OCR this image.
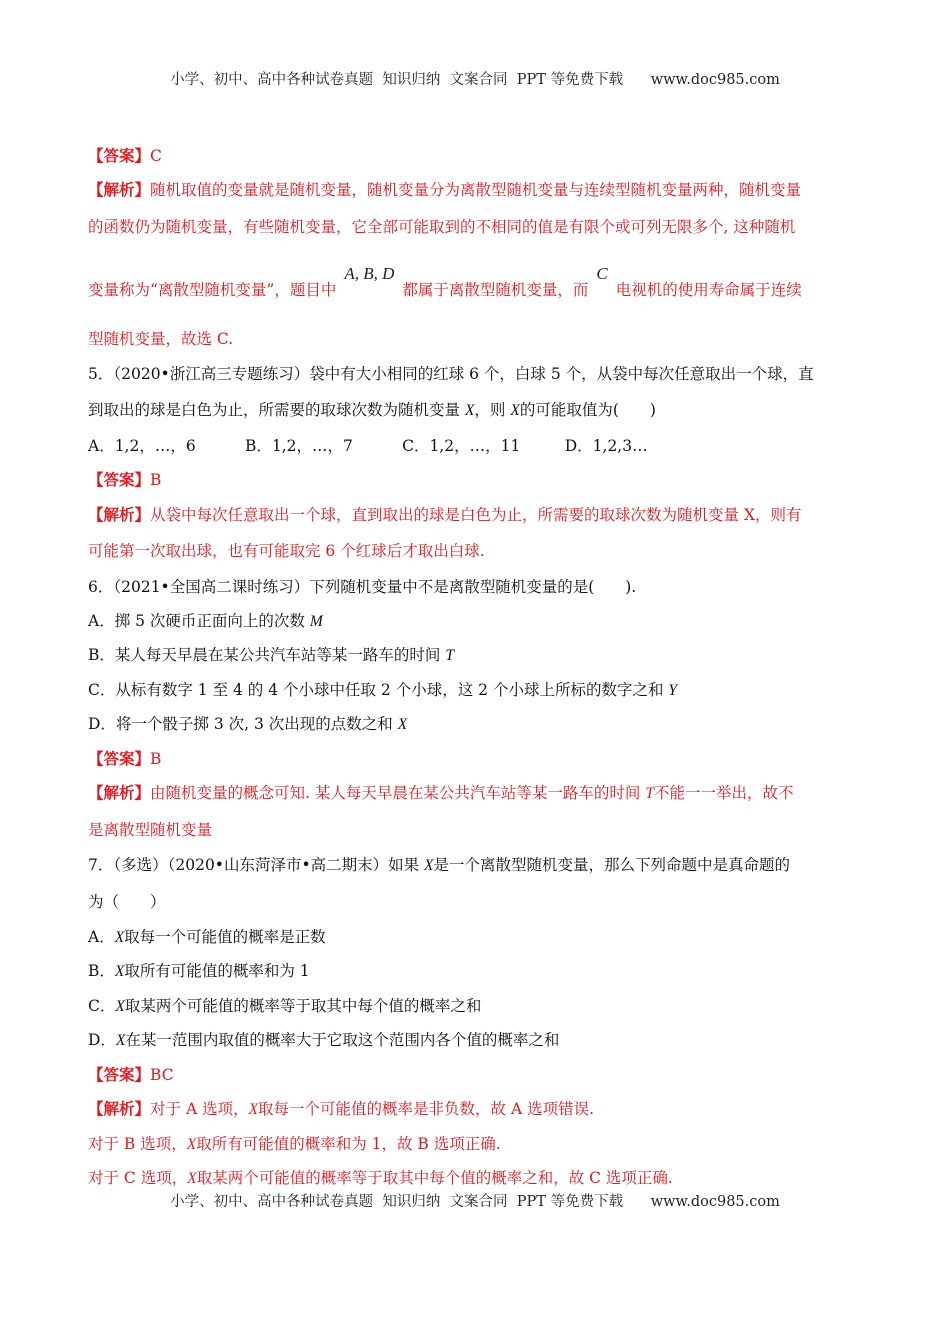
小学、初中、高中各种试卷真题  知识归纳  文案合同  PPT 等免费下载      www.doc985.com
【答案】C
【解析】随机取值的变量就是随机变量，随机变量分为离散型随机变量与连续型随机变量两种，随机变量
的函数仍为随机变量，有些随机变量，它全部可能取到的不相同的值是有限个或可列无限多个, 这种随机
变量称为“离散型随机变量”，题目中A, B, D都属于离散型随机变量，而C电视机的使用寿命属于连续
型随机变量，故选 C.
5．（2020•浙江高三专题练习）袋中有大小相同的红球 6 个，白球 5 个，从袋中每次任意取出一个球，直
到取出的球是白色为止，所需要的取球次数为随机变量 X，则 X的可能取值为(　　)
A．1,2，…，6          B．1,2，…，7          C．1,2，…，11         D．1,2,3…
【答案】B
【解析】从袋中每次任意取出一个球，直到取出的球是白色为止，所需要的取球次数为随机变量 X，则有
可能第一次取出球，也有可能取完 6 个红球后才取出白球.
6．（2021•全国高二课时练习）下列随机变量中不是离散型随机变量的是(　　).
A．掷 5 次硬币正面向上的次数 M
B．某人每天早晨在某公共汽车站等某一路车的时间 T
C．从标有数字 1 至 4 的 4 个小球中任取 2 个小球，这 2 个小球上所标的数字之和 Y
D．将一个骰子掷 3 次, 3 次出现的点数之和 X
【答案】B
【解析】由随机变量的概念可知. 某人每天早晨在某公共汽车站等某一路车的时间 T不能一一举出，故不
是离散型随机变量
7．（多选）（2020•山东菏泽市•高二期末）如果 X是一个离散型随机变量，那么下列命题中是真命题的
为（　　）
A．X取每一个可能值的概率是正数
B．X取所有可能值的概率和为 1
C．X取某两个可能值的概率等于取其中每个值的概率之和
D．X在某一范围内取值的概率大于它取这个范围内各个值的概率之和
【答案】BC
【解析】对于 A 选项，X取每一个可能值的概率是非负数，故 A 选项错误.
对于 B 选项，X取所有可能值的概率和为 1，故 B 选项正确.
对于 C 选项，X取某两个可能值的概率等于取其中每个值的概率之和，故 C 选项正确.
小学、初中、高中各种试卷真题  知识归纳  文案合同  PPT 等免费下载      www.doc985.com
